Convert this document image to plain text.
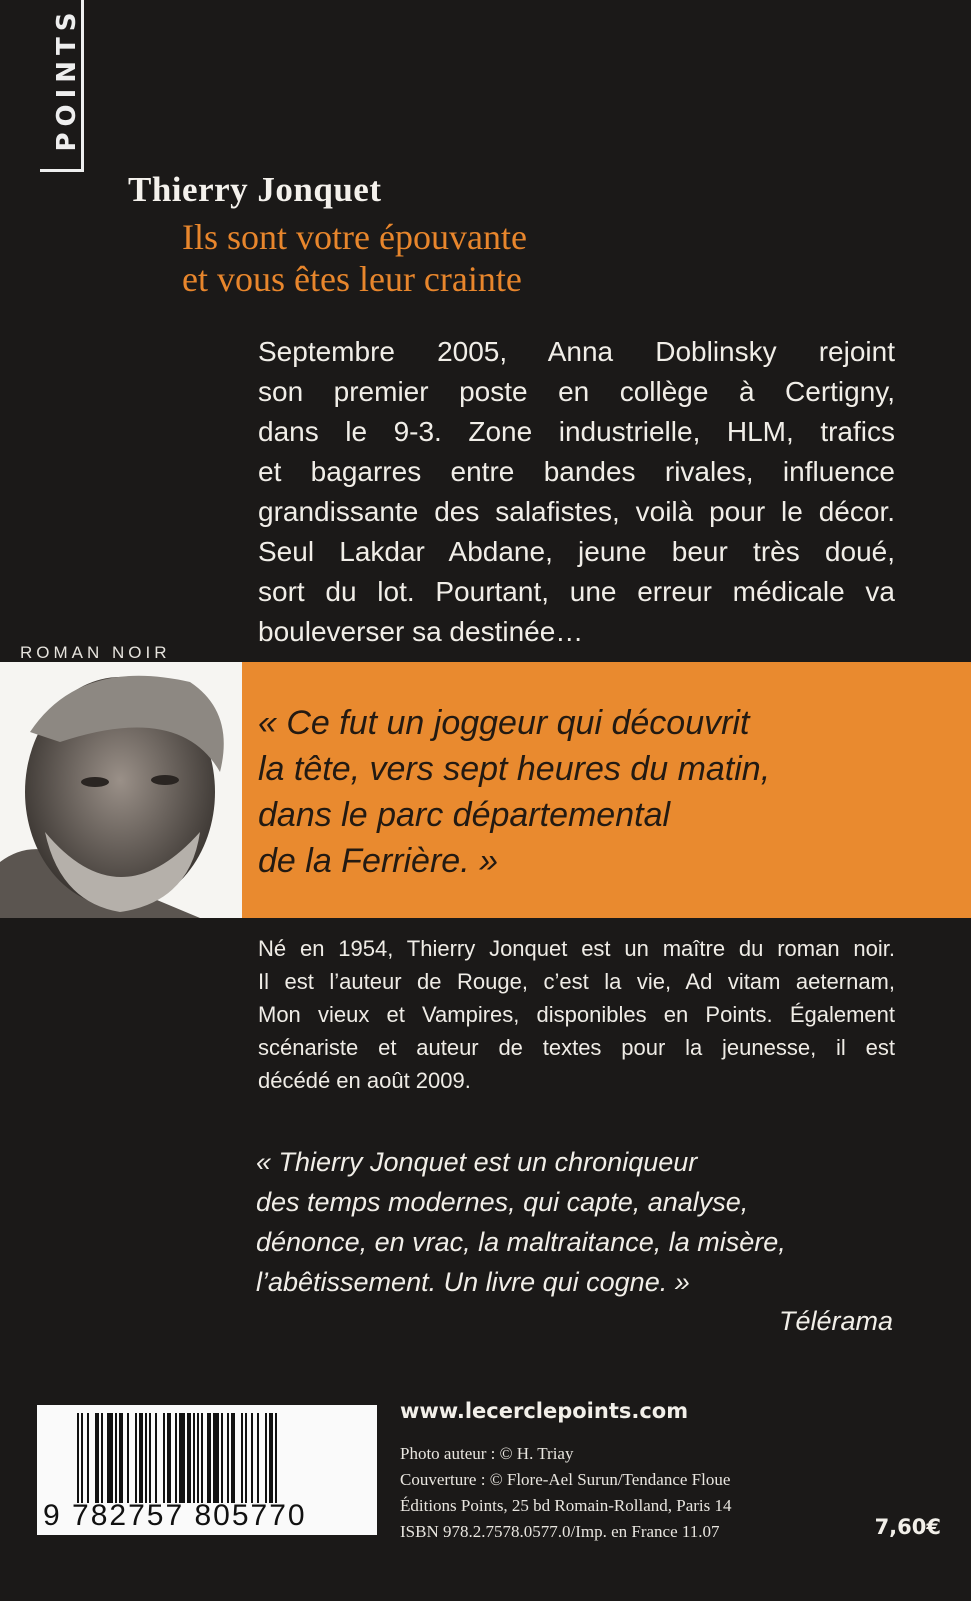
POINTS
Thierry Jonquet
Ils sont votre épouvante
et vous êtes leur crainte
Septembre 2005, Anna Doblinsky rejoint
son premier poste en collège à Certigny,
dans le 9-3. Zone industrielle, HLM, trafics
et bagarres entre bandes rivales, influence
grandissante des salafistes, voilà pour le décor.
Seul Lakdar Abdane, jeune beur très doué,
sort du lot. Pourtant, une erreur médicale va
bouleverser sa destinée…
ROMAN NOIR
« Ce fut un joggeur qui découvrit
la tête, vers sept heures du matin,
dans le parc départemental
de la Ferrière. »
Né en 1954, Thierry Jonquet est un maître du roman noir.
Il est l’auteur de Rouge, c’est la vie, Ad vitam aeternam,
Mon vieux et Vampires, disponibles en Points. Également
scénariste et auteur de textes pour la jeunesse, il est
décédé en août 2009.
« Thierry Jonquet est un chroniqueur
des temps modernes, qui capte, analyse,
dénonce, en vrac, la maltraitance, la misère,
l’abêtissement. Un livre qui cogne. »
Télérama
9 782757 805770
www.lecerclepoints.com
Photo auteur : © H. Triay
Couverture : © Flore-Ael Surun/Tendance Floue
Éditions Points, 25 bd Romain-Rolland, Paris 14
ISBN 978.2.7578.0577.0/Imp. en France 11.07	7,60€
